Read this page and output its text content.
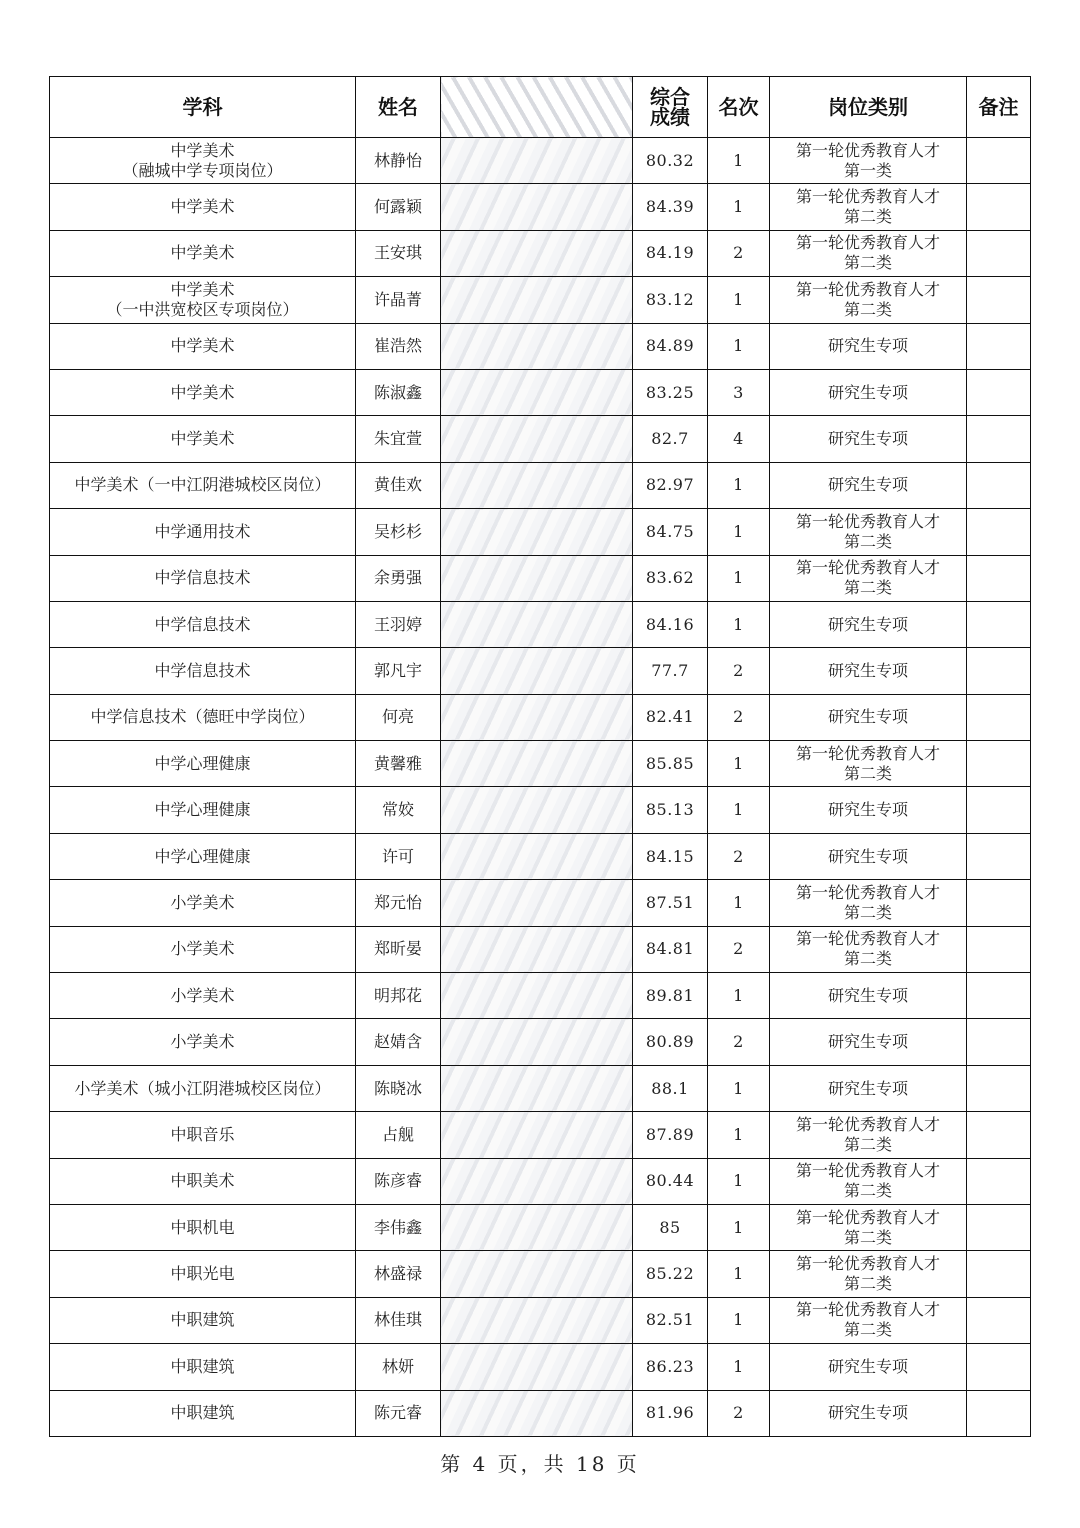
学科	姓名		综合
成绩	名次	岗位类别	备注

中学美术
（融城中学专项岗位）	林静怡		80.32	1	第一轮优秀教育人才
第一类	

中学美术	何露颖		84.39	1	第一轮优秀教育人才
第二类	

中学美术	王安琪		84.19	2	第一轮优秀教育人才
第二类	

中学美术
（一中洪宽校区专项岗位）	许晶菁		83.12	1	第一轮优秀教育人才
第二类	

中学美术	崔浩然		84.89	1	研究生专项	
中学美术	陈淑鑫		83.25	3	研究生专项	
中学美术	朱宜萱		82.7	4	研究生专项	
中学美术（一中江阴港城校区岗位）	黄佳欢		82.97	1	研究生专项	
中学通用技术	吴杉杉		84.75	1	第一轮优秀教育人才
第二类	

中学信息技术	余勇强		83.62	1	第一轮优秀教育人才
第二类	

中学信息技术	王羽婷		84.16	1	研究生专项	
中学信息技术	郭凡宇		77.7	2	研究生专项	
中学信息技术（德旺中学岗位）	何亮		82.41	2	研究生专项	
中学心理健康	黄馨雅		85.85	1	第一轮优秀教育人才
第二类	

中学心理健康	常姣		85.13	1	研究生专项	
中学心理健康	许可		84.15	2	研究生专项	
小学美术	郑元怡		87.51	1	第一轮优秀教育人才
第二类	

小学美术	郑昕晏		84.81	2	第一轮优秀教育人才
第二类	

小学美术	明邦花		89.81	1	研究生专项	
小学美术	赵婧含		80.89	2	研究生专项	
小学美术（城小江阴港城校区岗位）	陈晓冰		88.1	1	研究生专项	
中职音乐	占舰		87.89	1	第一轮优秀教育人才
第二类	

中职美术	陈彦睿		80.44	1	第一轮优秀教育人才
第二类	

中职机电	李伟鑫		85	1	第一轮优秀教育人才
第二类	

中职光电	林盛禄		85.22	1	第一轮优秀教育人才
第二类	

中职建筑	林佳琪		82.51	1	第一轮优秀教育人才
第二类	

中职建筑	林妍		86.23	1	研究生专项	
中职建筑	陈元睿		81.96	2	研究生专项	
第 4 页，共 18 页
